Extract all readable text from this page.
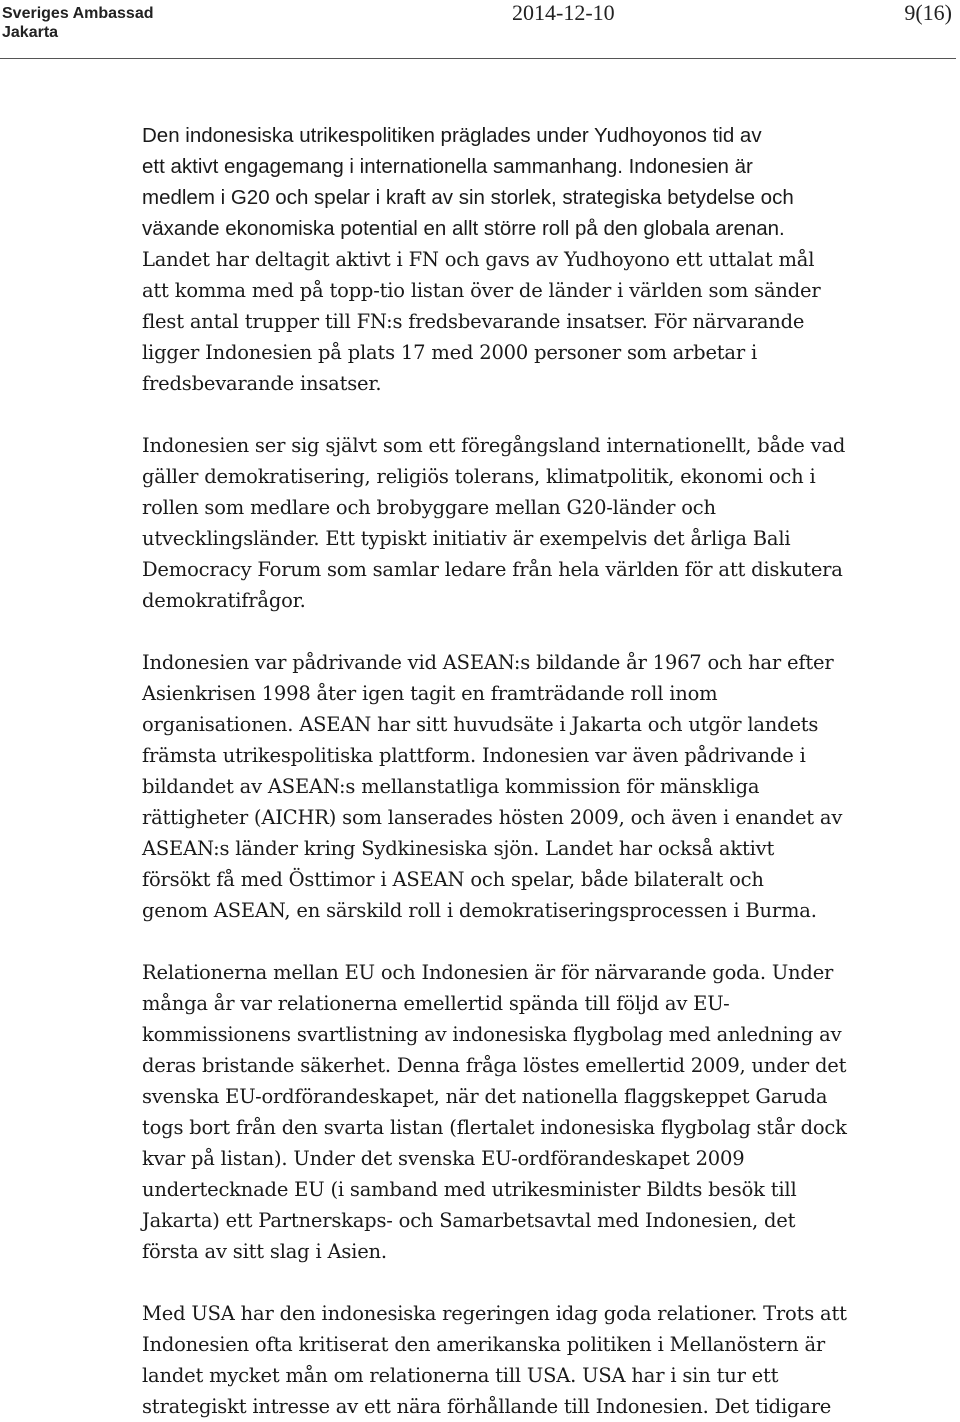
Sveriges Ambassad
Jakarta
2014-12-10	9(16)
Den indonesiska utrikespolitiken präglades under Yudhoyonos tid av
ett aktivt engagemang i internationella sammanhang. Indonesien är
medlem i G20 och spelar i kraft av sin storlek, strategiska betydelse och
växande ekonomiska potential en allt större roll på den globala arenan.
Landet har deltagit aktivt i FN och gavs av Yudhoyono ett uttalat mål
att komma med på topp-tio listan över de länder i världen som sänder
flest antal trupper till FN:s fredsbevarande insatser. För närvarande
ligger Indonesien på plats 17 med 2000 personer som arbetar i
fredsbevarande insatser.
Indonesien ser sig självt som ett föregångsland internationellt, både vad
gäller demokratisering, religiös tolerans, klimatpolitik, ekonomi och i
rollen som medlare och brobyggare mellan G20-länder och
utvecklingsländer. Ett typiskt initiativ är exempelvis det årliga Bali
Democracy Forum som samlar ledare från hela världen för att diskutera
demokratifrågor.
Indonesien var pådrivande vid ASEAN:s bildande år 1967 och har efter
Asienkrisen 1998 åter igen tagit en framträdande roll inom
organisationen. ASEAN har sitt huvudsäte i Jakarta och utgör landets
främsta utrikespolitiska plattform. Indonesien var även pådrivande i
bildandet av ASEAN:s mellanstatliga kommission för mänskliga
rättigheter (AICHR) som lanserades hösten 2009, och även i enandet av
ASEAN:s länder kring Sydkinesiska sjön. Landet har också aktivt
försökt få med Östtimor i ASEAN och spelar, både bilateralt och
genom ASEAN, en särskild roll i demokratiseringsprocessen i Burma.
Relationerna mellan EU och Indonesien är för närvarande goda. Under
många år var relationerna emellertid spända till följd av EU-
kommissionens svartlistning av indonesiska flygbolag med anledning av
deras bristande säkerhet. Denna fråga löstes emellertid 2009, under det
svenska EU-ordförandeskapet, när det nationella flaggskeppet Garuda
togs bort från den svarta listan (flertalet indonesiska flygbolag står dock
kvar på listan). Under det svenska EU-ordförandeskapet 2009
undertecknade EU (i samband med utrikesminister Bildts besök till
Jakarta) ett Partnerskaps- och Samarbetsavtal med Indonesien, det
första av sitt slag i Asien.
Med USA har den indonesiska regeringen idag goda relationer. Trots att
Indonesien ofta kritiserat den amerikanska politiken i Mellanöstern är
landet mycket mån om relationerna till USA. USA har i sin tur ett
strategiskt intresse av ett nära förhållande till Indonesien. Det tidigare
